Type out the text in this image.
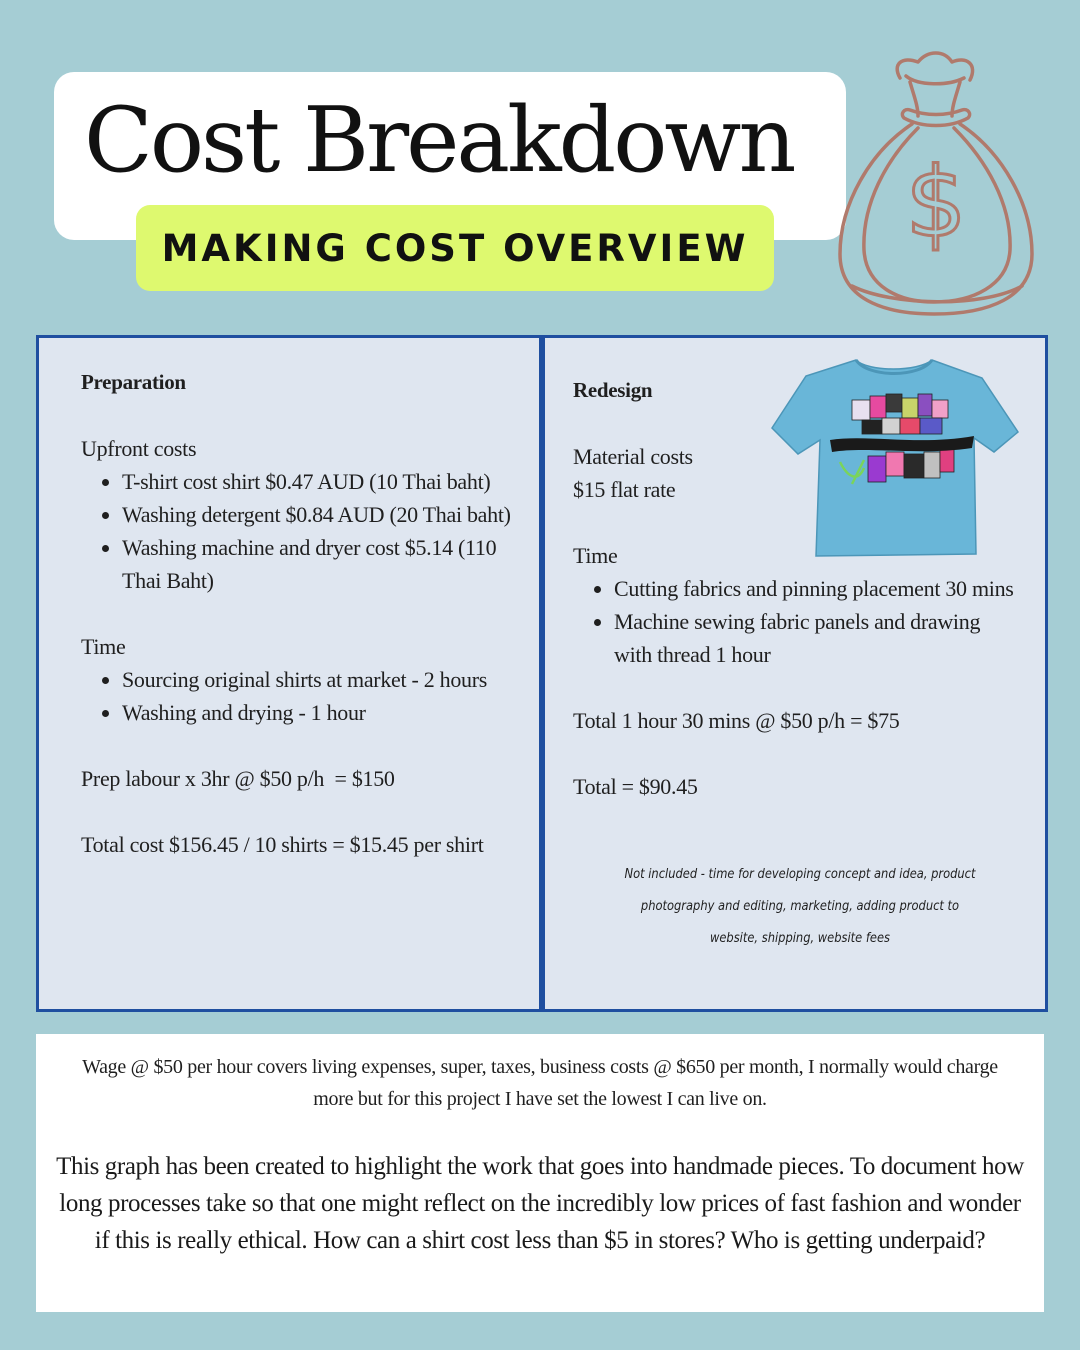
Cost Breakdown
MAKING COST OVERVIEW $
Preparation
Upfront costs
T-shirt cost shirt $0.47 AUD (10 Thai baht)
Washing detergent $0.84 AUD (20 Thai baht)
Washing machine and dryer cost $5.14 (110 Thai Baht)
Time
Sourcing original shirts at market - 2 hours
Washing and drying - 1 hour
Prep labour x 3hr @ $50 p/h  = $150
Total cost $156.45 / 10 shirts = $15.45 per shirt
Redesign
Material costs
$15 flat rate
Time
Cutting fabrics and pinning placement 30 mins
Machine sewing fabric panels and drawing with thread 1 hour
Total 1 hour 30 mins @ $50 p/h = $75
Total = $90.45
Not included - time for developing concept and idea, product photography and editing, marketing, adding product to website, shipping, website fees
Wage @ $50 per hour covers living expenses, super, taxes, business costs @ $650 per month, I normally would charge more but for this project I have set the lowest I can live on.
This graph has been created to highlight the work that goes into handmade pieces. To document how long processes take so that one might reflect on the incredibly low prices of fast fashion and wonder if this is really ethical. How can a shirt cost less than $5 in stores? Who is getting underpaid?
